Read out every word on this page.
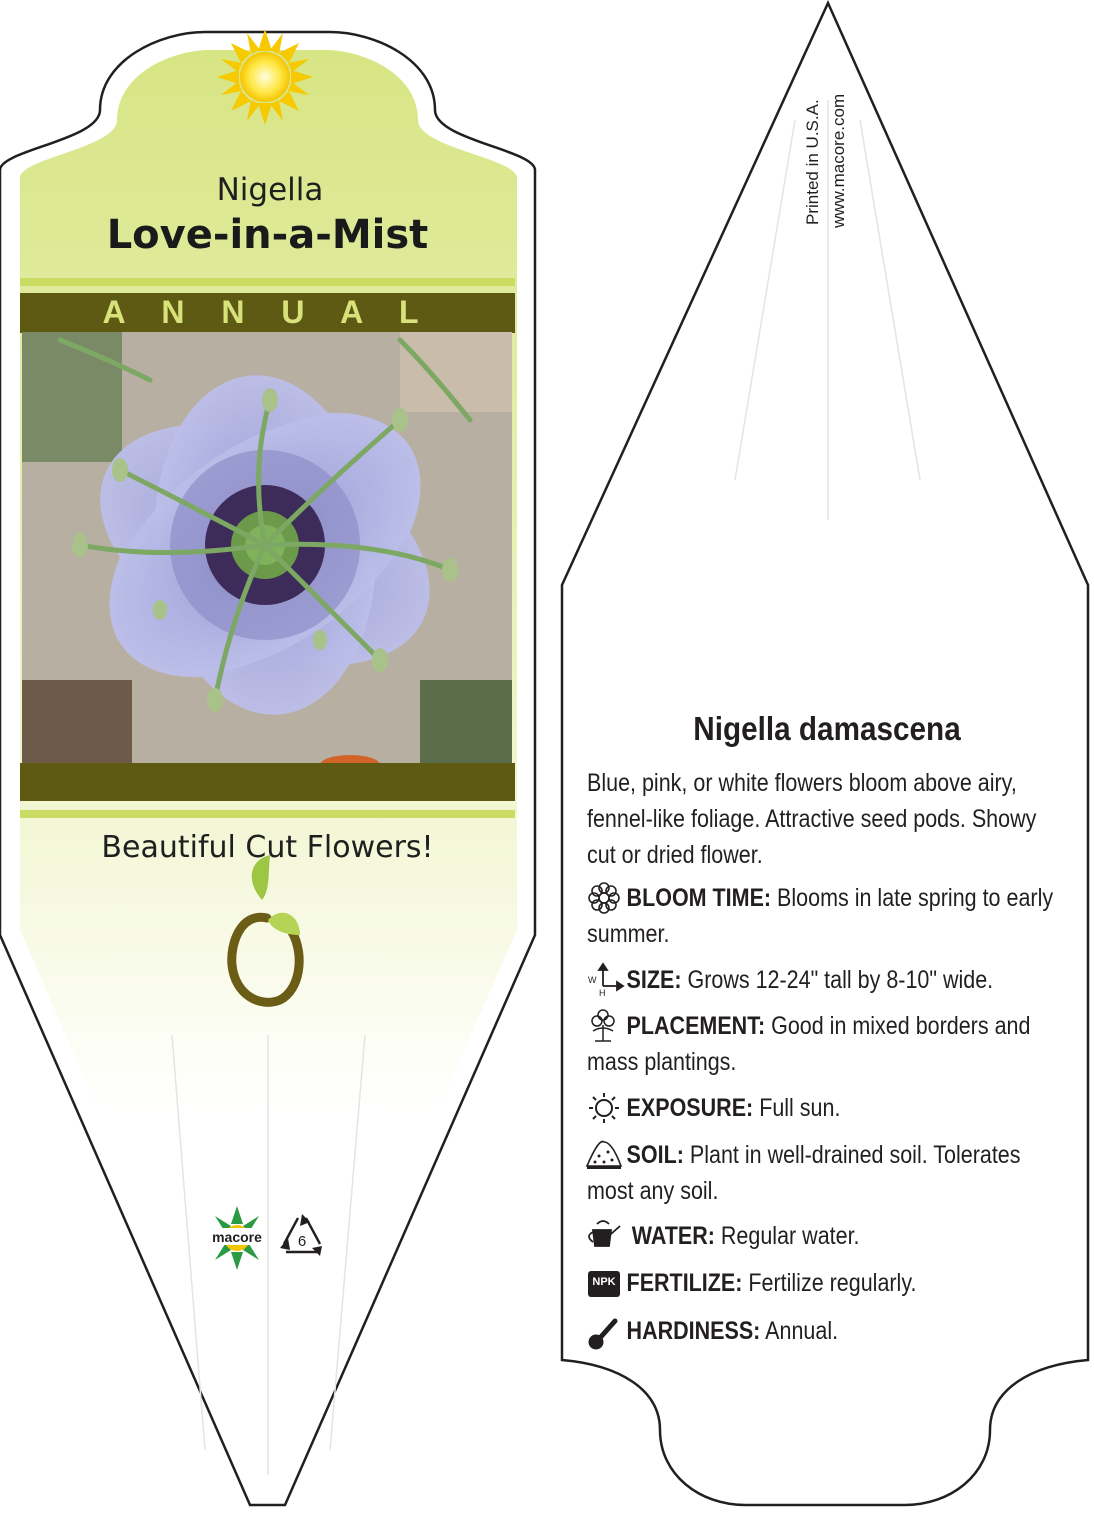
Nigella
Love-in-a-Mist
A N N U A L
Beautiful Cut Flowers!
macore	6
Printed in U.S.A. www.macore.com
Nigella damascena
Blue, pink, or white flowers bloom above airy, fennel-like foliage. Attractive seed pods. Showy cut or dried flower.
BLOOM TIME: Blooms in late spring to early summer.
SIZE: Grows 12-24" tall by 8-10" wide.
PLACEMENT: Good in mixed borders and mass plantings.
EXPOSURE: Full sun.
SOIL: Plant in well-drained soil. Tolerates most any soil.
WATER: Regular water.
FERTILIZE: Fertilize regularly.
HARDINESS: Annual.
W
H
NPK
